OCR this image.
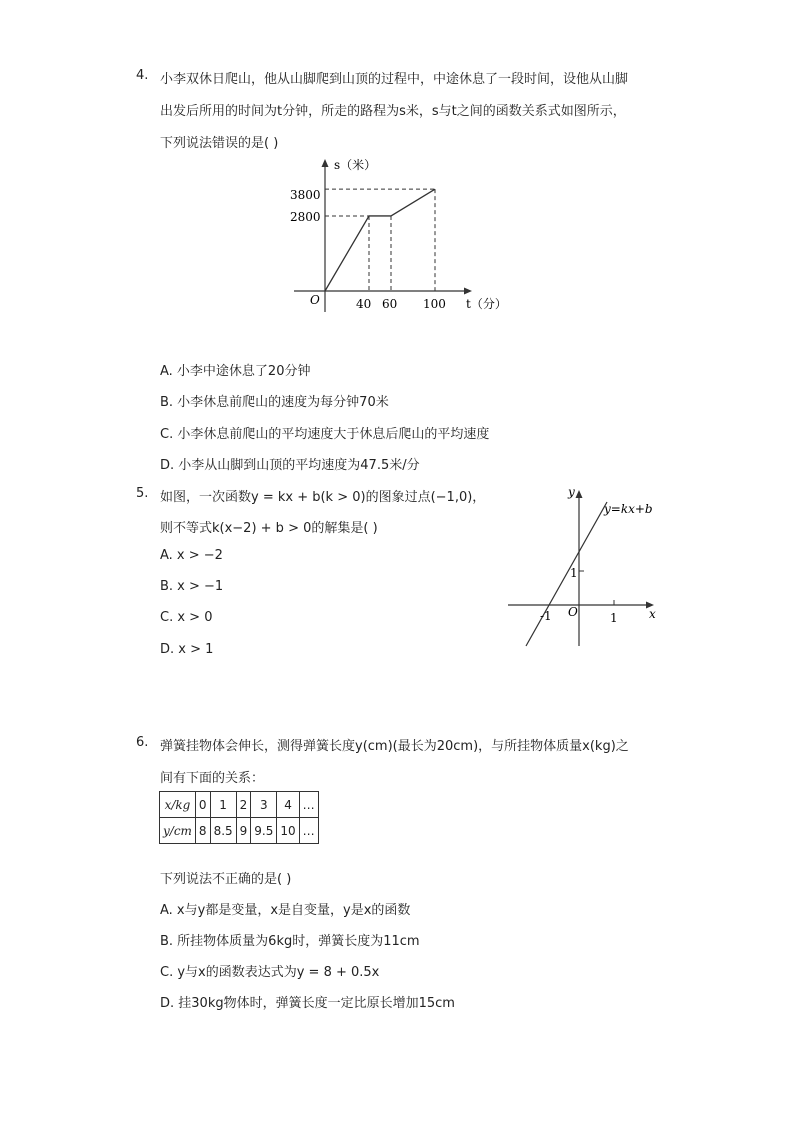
4. 小李双休日爬山，他从山脚爬到山顶的过程中，中途休息了一段时间，设他从山脚
出发后所用的时间为t分钟，所走的路程为s米，s与t之间的函数关系式如图所示，
下列说法错误的是( )
s（米）
t（分）
O
3800
2800
40 60 100
A. 小李中途休息了20分钟
B. 小李休息前爬山的速度为每分钟70米
C. 小李休息前爬山的平均速度大于休息后爬山的平均速度
D. 小李从山脚到山顶的平均速度为47.5米/分
5. 如图，一次函数y = kx + b(k > 0)的图象过点(−1,0)，
则不等式k(x−2) + b > 0的解集是( )
A. x > −2
B. x > −1
C. x > 0
D. x > 1
y=kx+b
y
x
O
-1	1
1
6. 弹簧挂物体会伸长，测得弹簧长度y(cm)(最长为20cm)，与所挂物体质量x(kg)之
间有下面的关系：
x/kg	0	1	2	3	4	…
y/cm	8	8.5	9	9.5	10	…
下列说法不正确的是( )
A. x与y都是变量，x是自变量，y是x的函数
B. 所挂物体质量为6kg时，弹簧长度为11cm
C. y与x的函数表达式为y = 8 + 0.5x
D. 挂30kg物体时，弹簧长度一定比原长增加15cm
